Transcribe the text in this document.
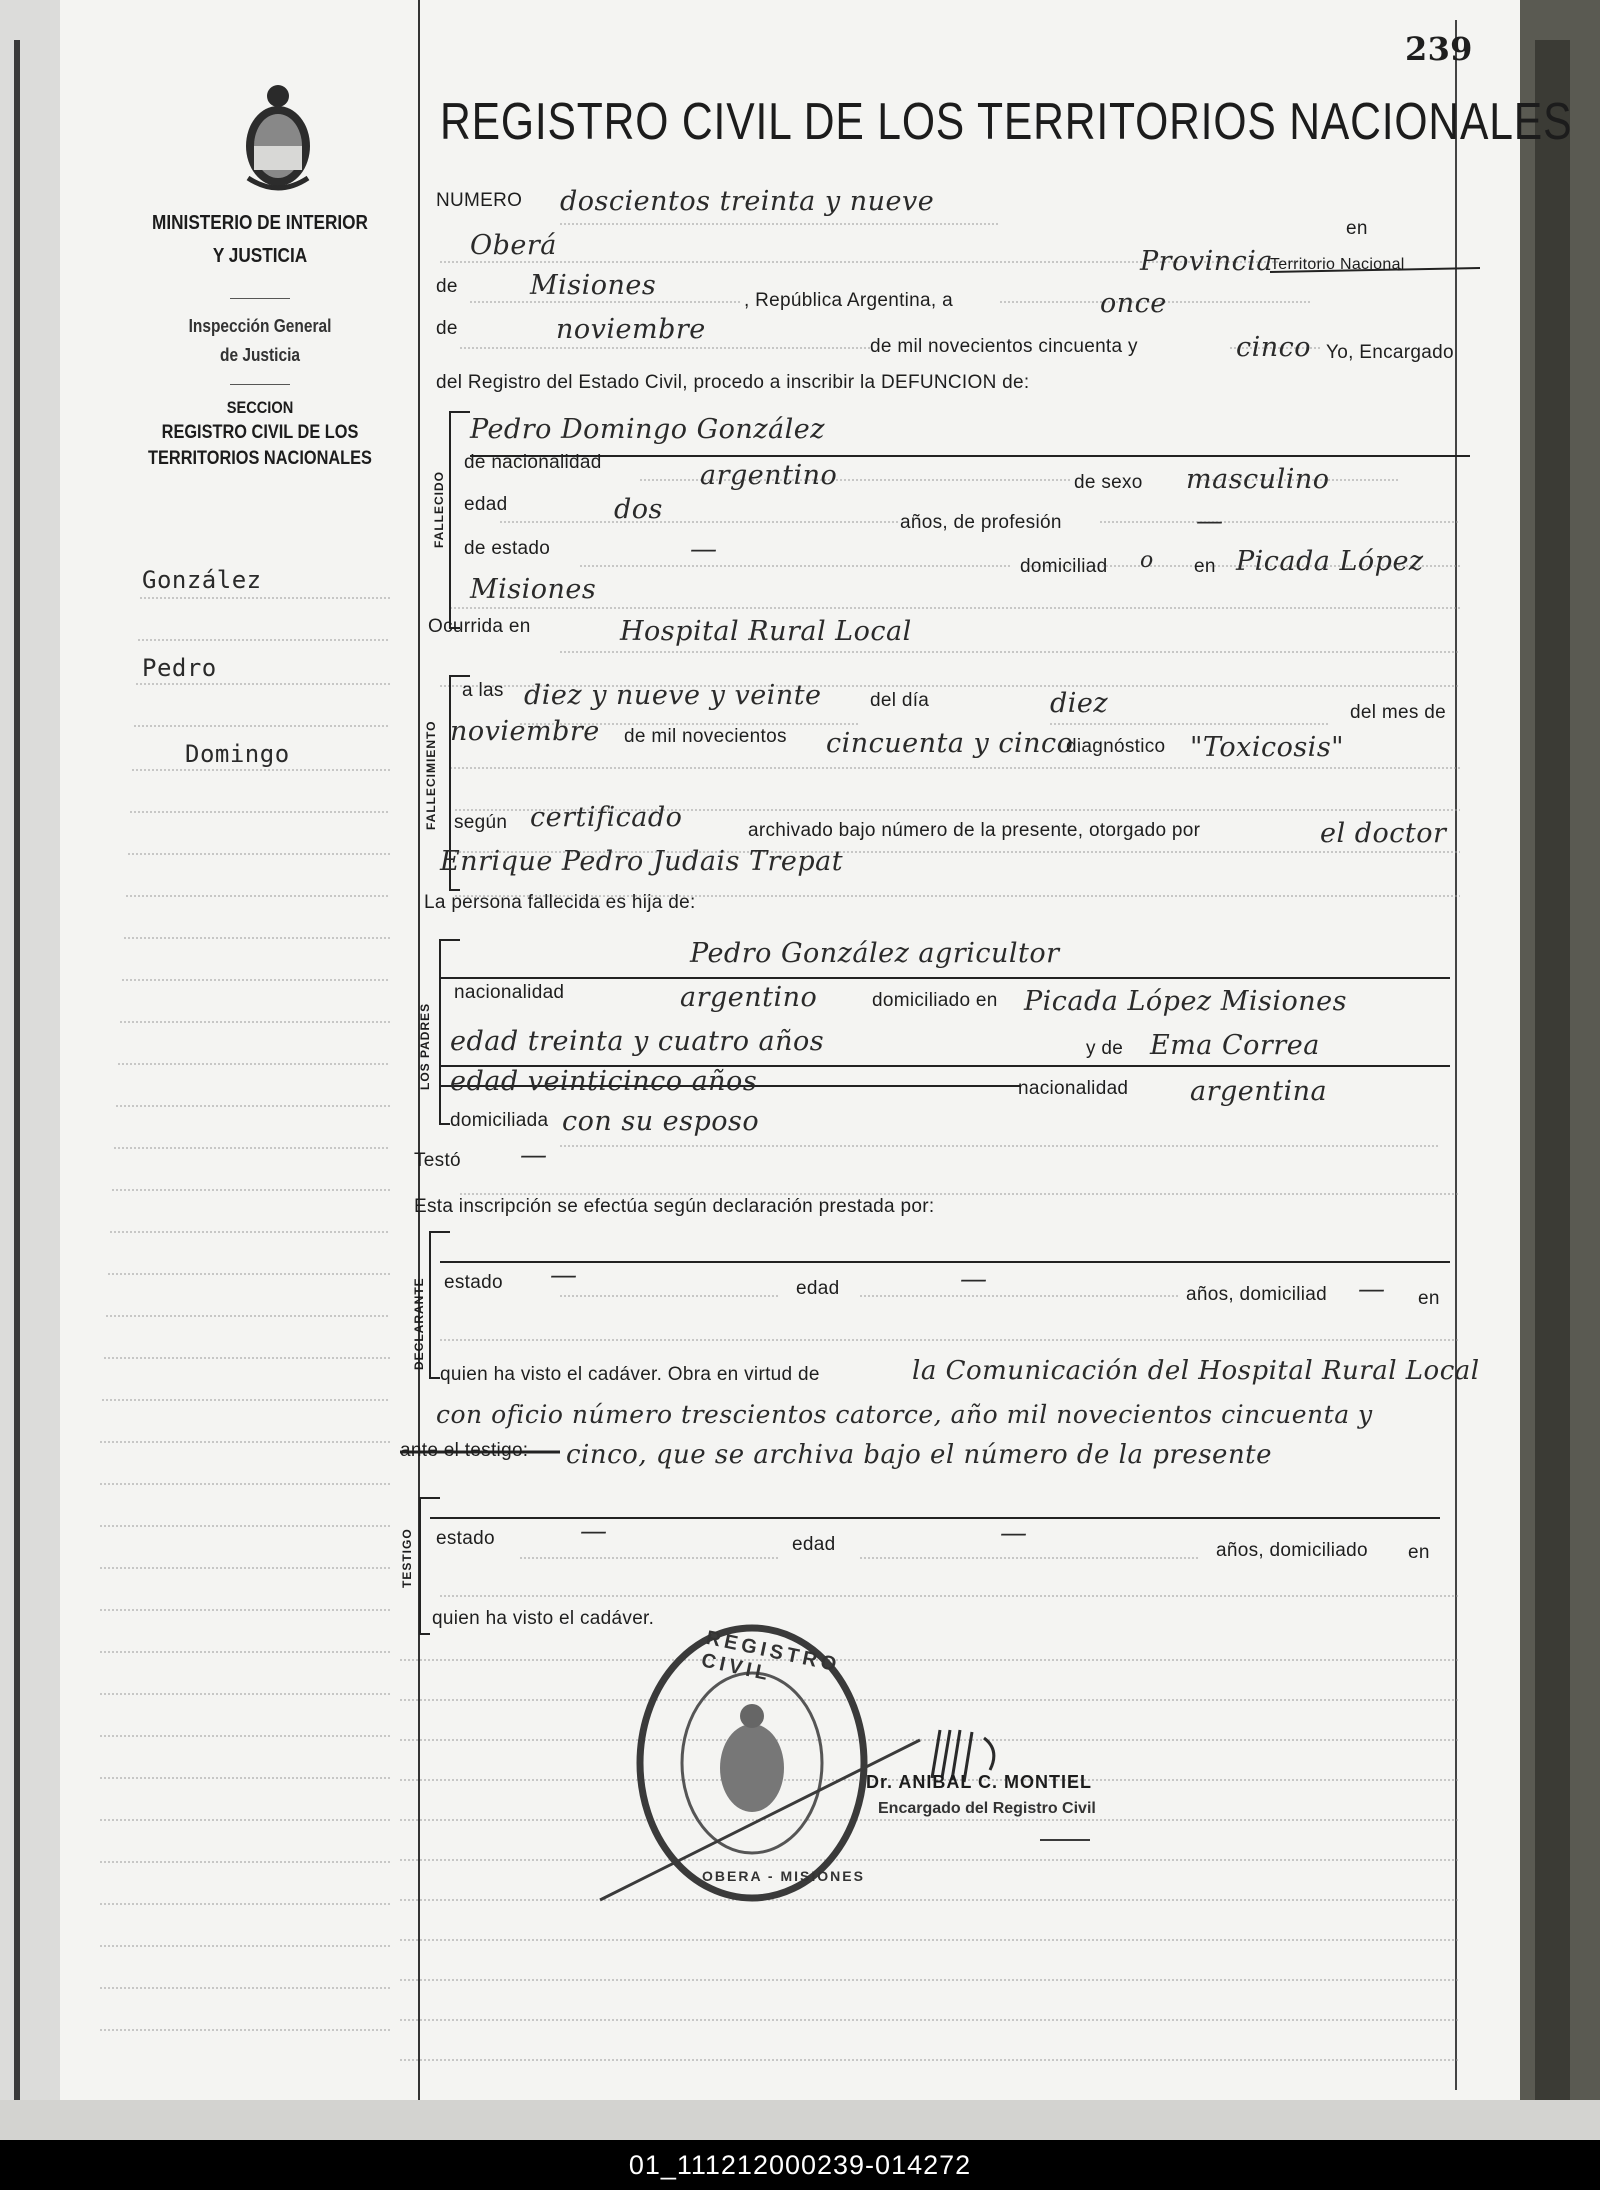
239
REGISTRO CIVIL DE LOS TERRITORIOS NACIONALES
MINISTERIO DE INTERIOR
Y JUSTICIA
Inspección General
de Justicia
SECCION
REGISTRO CIVIL DE LOS
TERRITORIOS NACIONALES
González
Pedro
Domingo
NUMERO doscientos treinta y nueve
en
Oberá
Provincia
Territorio Nacional
de	Misiones	, República Argentina, a	once
de	noviembre
de mil novecientos cincuenta y	cinco Yo, Encargado
del Registro del Estado Civil, procedo a inscribir la DEFUNCION de:
Pedro Domingo González
FALLECIDO
de nacionalidad	argentino	de sexo masculino
edad	dos	años, de profesión	—
de estado	—
domiciliad o en Picada López
Misiones
Ocurrida en	Hospital Rural Local
FALLECIMIENTO
a las diez y nueve y veinte	del día	diez	del mes de
noviembre de mil novecientos cincuenta y cinco
diagnóstico "Toxicosis"
según certificado	archivado bajo número de la presente, otorgado por	el doctor
Enrique Pedro Judais Trepat
La persona fallecida es hija de:
LOS PADRES
Pedro González agricultor
nacionalidad	argentino	domiciliado en Picada López Misiones
edad treinta y cuatro años	y de Ema Correa
edad veinticinco años	nacionalidad argentina
domiciliada con su esposo
Testó —
Esta inscripción se efectúa según declaración prestada por:
DECLARANTE estado —	edad	—	años, domiciliad — en
quien ha visto el cadáver. Obra en virtud de	la Comunicación del Hospital Rural Local
con oficio número trescientos catorce, año mil novecientos cincuenta y
ante el testigo: cinco, que se archiva bajo el número de la presente
TESTIGO estado	—	edad	—
años, domiciliado en
quien ha visto el cadáver.
REGISTRO CIVIL
OBERA - MISIONES
Dr. ANIBAL C. MONTIEL
Encargado del Registro Civil
01_111212000239-014272
